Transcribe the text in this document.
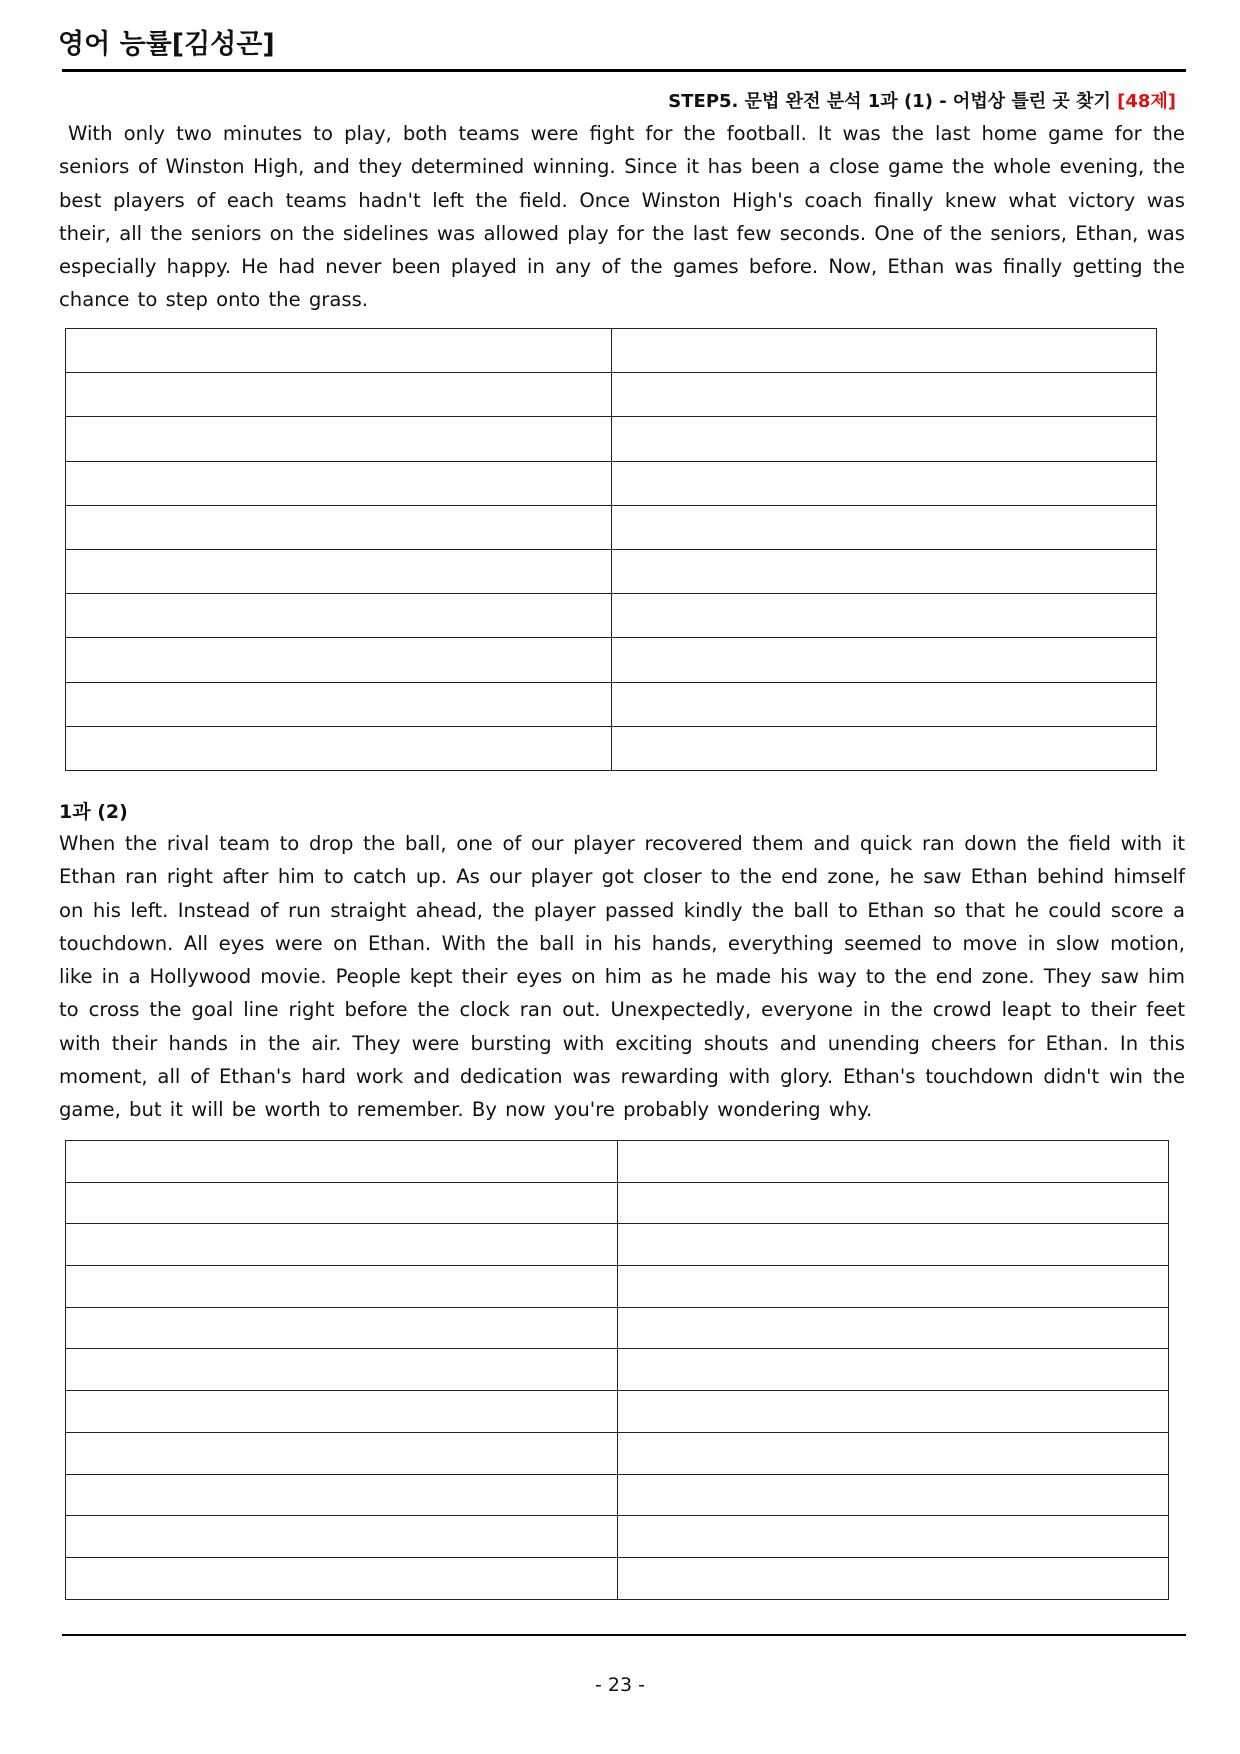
영어 능률[김성곤]
STEP5. 문법 완전 분석 1과 (1) - 어법상 틀린 곳 찾기 [48제]
With only two minutes to play, both teams were fight for the football. It was the last home game for the seniors of Winston High, and they determined winning. Since it has been a close game the whole evening, the best players of each teams hadn't left the field. Once Winston High's coach finally knew what victory was their, all the seniors on the sidelines was allowed play for the last few seconds. One of the seniors, Ethan, was especially happy. He had never been played in any of the games before. Now, Ethan was finally getting the chance to step onto the grass.

1과 (2)
When the rival team to drop the ball, one of our player recovered them and quick ran down the field with it Ethan ran right after him to catch up. As our player got closer to the end zone, he saw Ethan behind himself on his left. Instead of run straight ahead, the player passed kindly the ball to Ethan so that he could score a touchdown. All eyes were on Ethan. With the ball in his hands, everything seemed to move in slow motion, like in a Hollywood movie. People kept their eyes on him as he made his way to the end zone. They saw him to cross the goal line right before the clock ran out. Unexpectedly, everyone in the crowd leapt to their feet with their hands in the air. They were bursting with exciting shouts and unending cheers for Ethan. In this moment, all of Ethan's hard work and dedication was rewarding with glory. Ethan's touchdown didn't win the game, but it will be worth to remember. By now you're probably wondering why.

- 23 -
